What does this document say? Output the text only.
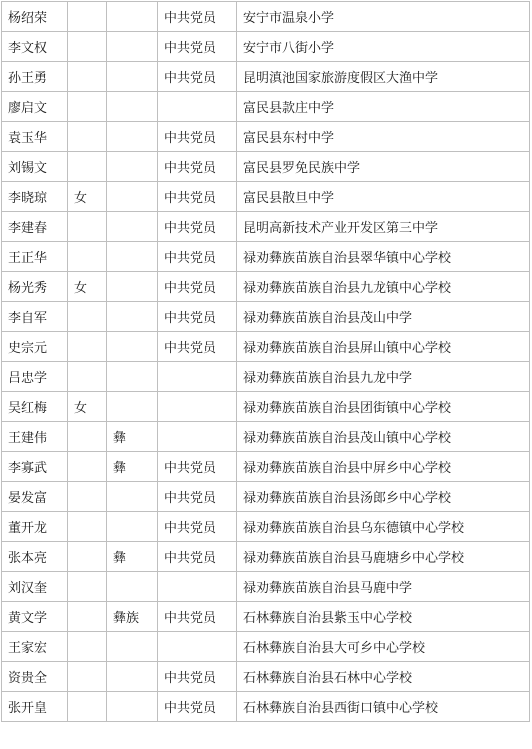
杨绍荣			中共党员	安宁市温泉小学
李文权			中共党员	安宁市八街小学
孙王勇			中共党员	昆明滇池国家旅游度假区大渔中学
廖启文				富民县款庄中学
袁玉华			中共党员	富民县东村中学
刘锡文			中共党员	富民县罗免民族中学
李晓琼	女		中共党员	富民县散旦中学
李建春			中共党员	昆明高新技术产业开发区第三中学
王正华			中共党员	禄劝彝族苗族自治县翠华镇中心学校
杨光秀	女		中共党员	禄劝彝族苗族自治县九龙镇中心学校
李自军			中共党员	禄劝彝族苗族自治县茂山中学
史宗元			中共党员	禄劝彝族苗族自治县屏山镇中心学校
吕忠学				禄劝彝族苗族自治县九龙中学
吴红梅	女			禄劝彝族苗族自治县团街镇中心学校
王建伟		彝		禄劝彝族苗族自治县茂山镇中心学校
李寡武		彝	中共党员	禄劝彝族苗族自治县中屏乡中心学校
晏发富			中共党员	禄劝彝族苗族自治县汤郎乡中心学校
董开龙			中共党员	禄劝彝族苗族自治县乌东德镇中心学校
张本亮		彝	中共党员	禄劝彝族苗族自治县马鹿塘乡中心学校
刘汉奎				禄劝彝族苗族自治县马鹿中学
黄文学		彝族	中共党员	石林彝族自治县紫玉中心学校
王家宏				石林彝族自治县大可乡中心学校
资贵全			中共党员	石林彝族自治县石林中心学校
张开皇			中共党员	石林彝族自治县西街口镇中心学校
